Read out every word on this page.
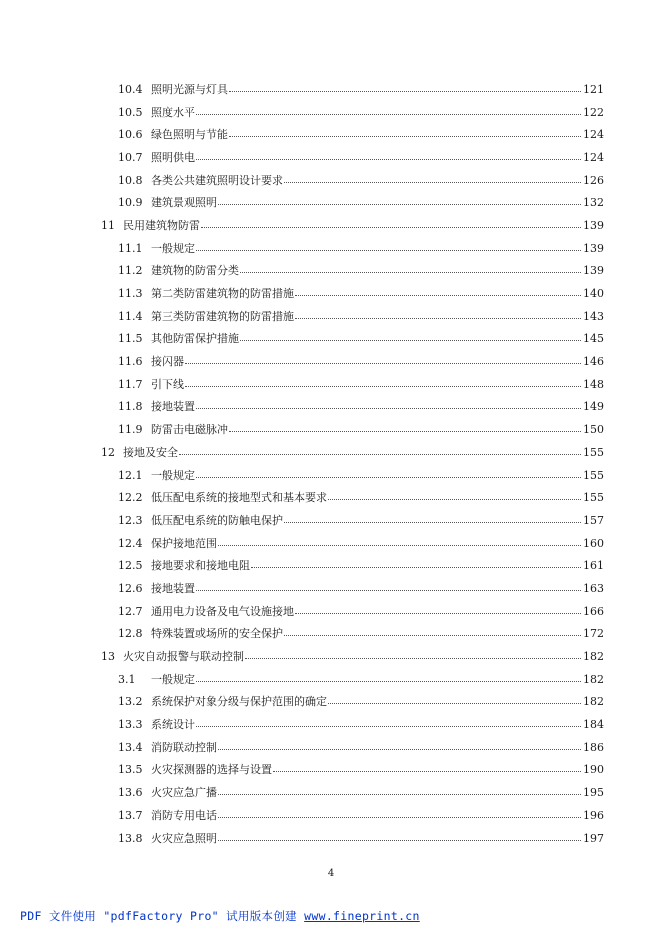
10.4 照明光源与灯具	121
10.5 照度水平	122
10.6 绿色照明与节能	124
10.7 照明供电	124
10.8 各类公共建筑照明设计要求	126
10.9 建筑景观照明	132
11 民用建筑物防雷	139
11.1 一般规定	139
11.2 建筑物的防雷分类	139
11.3 第二类防雷建筑物的防雷措施	140
11.4 第三类防雷建筑物的防雷措施	143
11.5 其他防雷保护措施	145
11.6 接闪器	146
11.7 引下线	148
11.8 接地装置	149
11.9 防雷击电磁脉冲	150
12 接地及安全	155
12.1 一般规定	155
12.2 低压配电系统的接地型式和基本要求	155
12.3 低压配电系统的防触电保护	157
12.4 保护接地范围	160
12.5 接地要求和接地电阻	161
12.6 接地装置	163
12.7 通用电力设备及电气设施接地	166
12.8 特殊装置或场所的安全保护	172
13 火灾自动报警与联动控制	182
3.1	一般规定	182
13.2 系统保护对象分级与保护范围的确定	182
13.3 系统设计	184
13.4 消防联动控制	186
13.5 火灾探测器的选择与设置	190
13.6 火灾应急广播	195
13.7 消防专用电话	196
13.8 火灾应急照明	197
4
PDF 文件使用 "pdfFactory Pro" 试用版本创建 www.fineprint.cn
